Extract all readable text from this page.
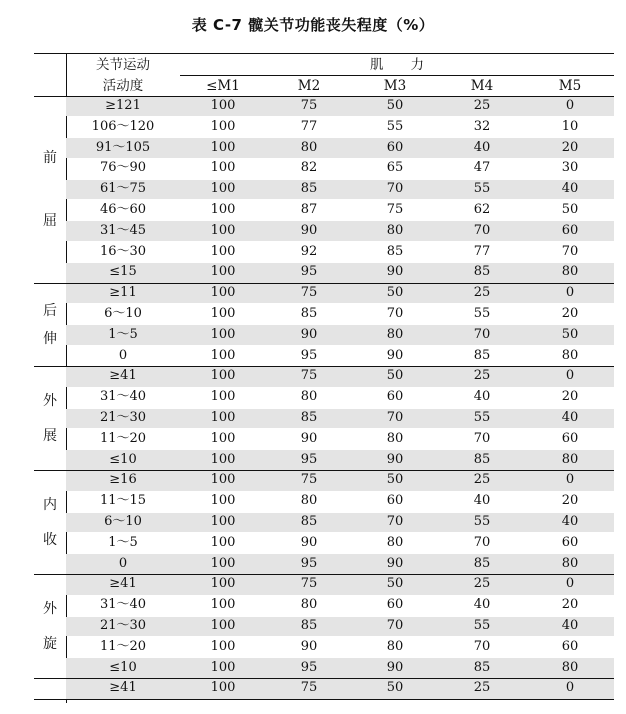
表 C-7 髋关节功能丧失程度（%）
关节运动
活动度
肌　　力
≤M1	M2	M3	M4	M5
≥121	100	75	50	25	0
106～120	100	77	55	32	10
91～105	100	80	60	40	20
76～90	100	82	65	47	30
61～75	100	85	70	55	40
46～60	100	87	75	62	50
31～45	100	90	80	70	60
16～30	100	92	85	77	70
≤15	100	95	90	85	80
前
屈
≥11	100	75	50	25	0
6～10	100	85	70	55	20
1～5	100	90	80	70	50
0	100	95	90	85	80
后
伸
≥41	100	75	50	25	0
31～40	100	80	60	40	20
21～30	100	85	70	55	40
11～20	100	90	80	70	60
≤10	100	95	90	85	80
外
展
≥16	100	75	50	25	0
11～15	100	80	60	40	20
6～10	100	85	70	55	40
1～5	100	90	80	70	60
0	100	95	90	85	80
内
收
≥41	100	75	50	25	0
31～40	100	80	60	40	20
21～30	100	85	70	55	40
11～20	100	90	80	70	60
≤10	100	95	90	85	80
外
旋
≥41	100	75	50	25	0
